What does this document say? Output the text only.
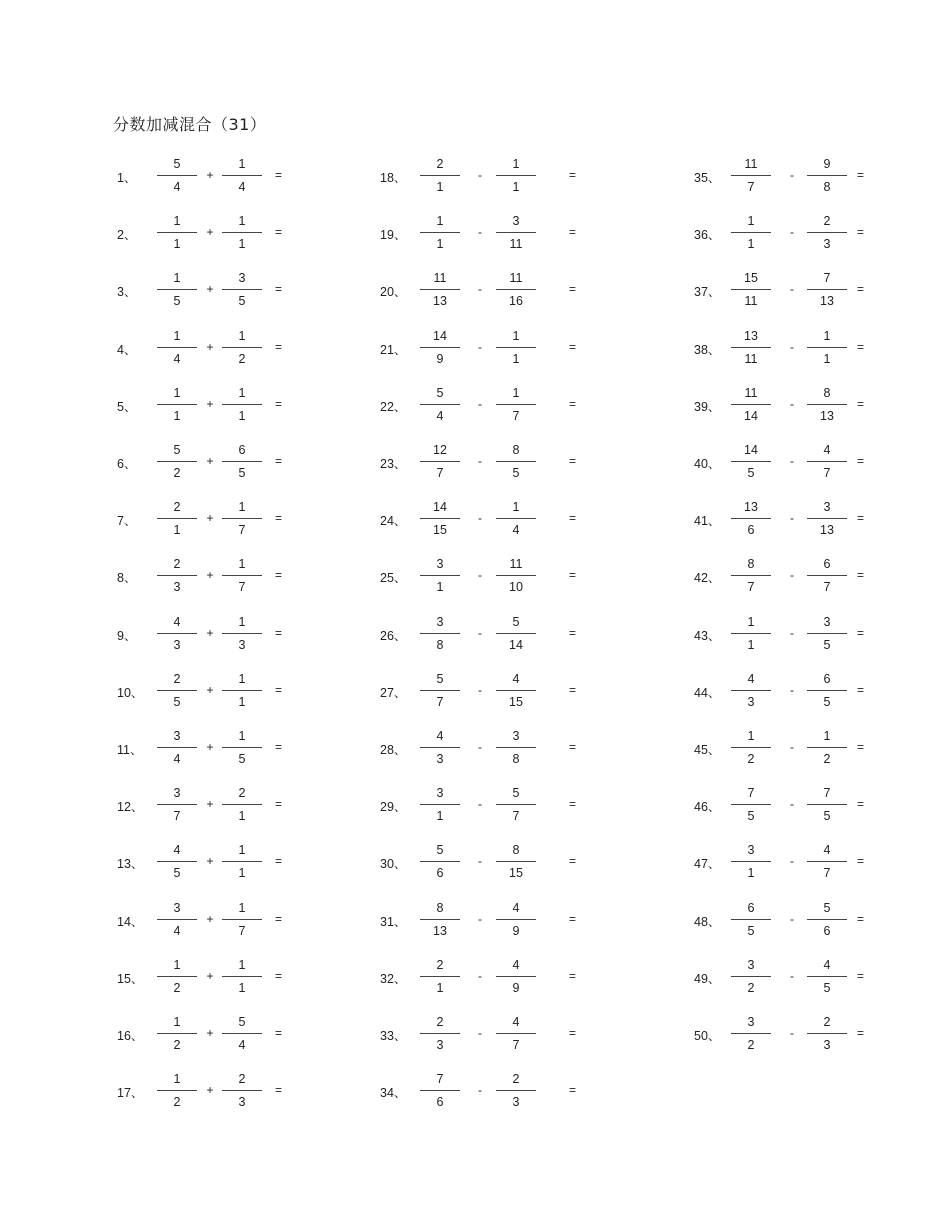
分数加减混合（31）
1、
5
4
+
1
4
=
2、
1
1
+
1
1
=
3、
1
5
+
3
5
=
4、
1
4
+
1
2
=
5、
1
1
+
1
1
=
6、
5
2
+
6
5
=
7、
2
1
+
1
7
=
8、
2
3
+
1
7
=
9、
4
3
+
1
3
=
10、
2
5
+
1
1
=
11、
3
4
+
1
5
=
12、
3
7
+
2
1
=
13、
4
5
+
1
1
=
14、
3
4
+
1
7
=
15、
1
2
+
1
1
=
16、
1
2
+
5
4
=
17、
1
2
+
2
3
=
18、
2
1
-
1
1
=
19、
1
1
-
3
11
=
20、
11
13
-
11
16
=
21、
14
9
-
1
1
=
22、
5
4
-
1
7
=
23、
12
7
-
8
5
=
24、
14
15
-
1
4
=
25、
3
1
-
11
10
=
26、
3
8
-
5
14
=
27、
5
7
-
4
15
=
28、
4
3
-
3
8
=
29、
3
1
-
5
7
=
30、
5
6
-
8
15
=
31、
8
13
-
4
9
=
32、
2
1
-
4
9
=
33、
2
3
-
4
7
=
34、
7
6
-
2
3
=
35、
11
7
-
9
8
=
36、
1
1
-
2
3
=
37、
15
11
-
7
13
=
38、
13
11
-
1
1
=
39、
11
14
-
8
13
=
40、
14
5
-
4
7
=
41、
13
6
-
3
13
=
42、
8
7
-
6
7
=
43、
1
1
-
3
5
=
44、
4
3
-
6
5
=
45、
1
2
-
1
2
=
46、
7
5
-
7
5
=
47、
3
1
-
4
7
=
48、
6
5
-
5
6
=
49、
3
2
-
4
5
=
50、
3
2
-
2
3
=
